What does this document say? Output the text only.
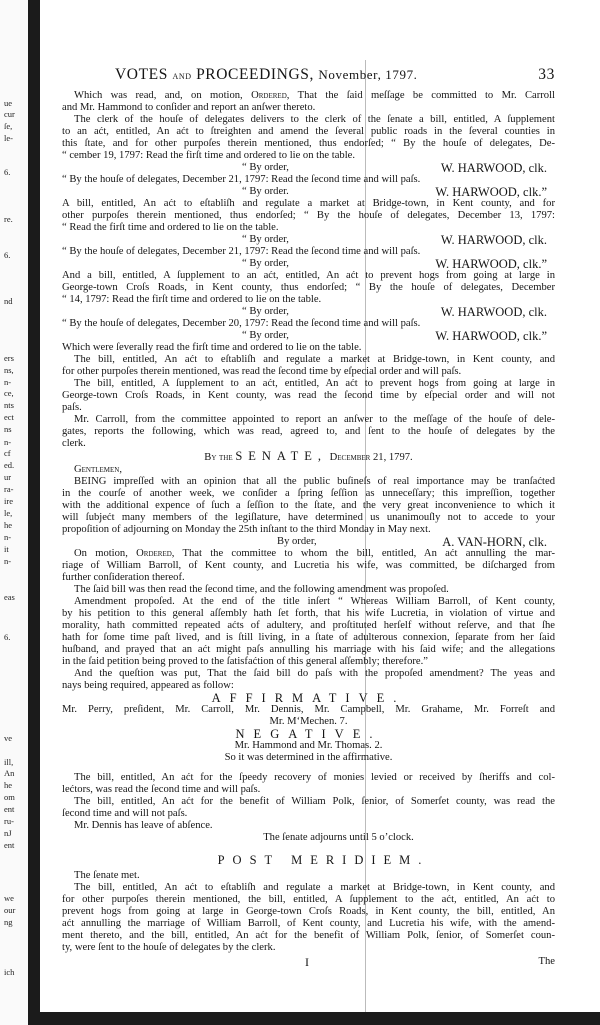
VOTES and PROCEEDINGS, November, 1797.	33
Which was read, and, on motion, Ordered, That the ſaid meſſage be committed to Mr. Carroll
and Mr. Hammond to conſider and report an anſwer thereto.
The clerk of the houſe of delegates delivers to the clerk of the ſenate a bill, entitled, A ſupplement
to an aćt, entitled, An aćt to ſtreighten and amend the ſeveral public roads in the ſeveral counties in
this ſtate, and for other purpoſes therein mentioned, thus endorſed; “ By the houſe of delegates, De-
“ cember 19, 1797: Read the firſt time and ordered to lie on the table.
“ By order,	W. HARWOOD, clk.
“ By the houſe of delegates, December 21, 1797: Read the ſecond time and will paſs.
“ By order.	W. HARWOOD, clk.”
A bill, entitled, An aćt to eſtabliſh and regulate a market at Bridge-town, in Kent county, and for
other purpoſes therein mentioned, thus endorſed; “ By the houſe of delegates, December 13, 1797:
“ Read the firſt time and ordered to lie on the table.
“ By order,	W. HARWOOD, clk.
“ By the houſe of delegates, December 21, 1797: Read the ſecond time and will paſs.
“ By order,	W. HARWOOD, clk.”
And a bill, entitled, A ſupplement to an aćt, entitled, An aćt to prevent hogs from going at large in
George-town Croſs Roads, in Kent county, thus endorſed; “ By the houſe of delegates, December
“ 14, 1797: Read the firſt time and ordered to lie on the table.
“ By order,	W. HARWOOD, clk.
“ By the houſe of delegates, December 20, 1797: Read the ſecond time and will paſs.
“ By order,	W. HARWOOD, clk.”
Which were ſeverally read the firſt time and ordered to lie on the table.
The bill, entitled, An aćt to eſtabliſh and regulate a market at Bridge-town, in Kent county, and
for other purpoſes therein mentioned, was read the ſecond time by eſpecial order and will paſs.
The bill, entitled, A ſupplement to an aćt, entitled, An aćt to prevent hogs from going at large in
George-town Croſs Roads, in Kent county, was read the ſecond time by eſpecial order and will not
paſs.
Mr. Carroll, from the committee appointed to report an anſwer to the meſſage of the houſe of dele-
gates, reports the following, which was read, agreed to, and ſent to the houſe of delegates by the
clerk.
By the SENATE, December 21, 1797.
Gentlemen,
BEING impreſſed with an opinion that all the public buſineſs of real importance may be tranſaćted
in the courſe of another week, we conſider a ſpring ſeſſion as unneceſſary; this impreſſion, together
with the additional expence of ſuch a ſeſſion to the ſtate, and the very great inconvenience to which it
will ſubjećt many members of the legiſlature, have determined us unanimouſly not to accede to your
propoſition of adjourning on Monday the 25th inſtant to the third Monday in May next.
By order,	A. VAN-HORN, clk.
On motion, Ordered, That the committee to whom the bill, entitled, An aćt annulling the mar-
riage of William Barroll, of Kent county, and Lucretia his wife, was committed, be diſcharged from
further conſideration thereof.
The ſaid bill was then read the ſecond time, and the following amendment was propoſed.
Amendment propoſed. At the end of the title inſert “ Whereas William Barroll, of Kent county,
by his petition to this general aſſembly hath ſet forth, that his wife Lucretia, in violation of virtue and
morality, hath committed repeated aćts of adultery, and proſtituted herſelf without reſerve, and that ſhe
hath for ſome time paſt lived, and is ſtill living, in a ſtate of adulterous connexion, ſeparate from her ſaid
huſband, and prayed that an aćt might paſs annulling his marriage with his ſaid wife; and the allegations
in the ſaid petition being proved to the ſatisfaćtion of this general aſſembly; therefore.”
And the queſtion was put, That the ſaid bill do paſs with the propoſed amendment? The yeas and
nays being required, appeared as follow:
AFFIRMATIVE.
Mr. Perry, preſident, Mr. Carroll, Mr. Dennis, Mr. Campbell, Mr. Grahame, Mr. Forreſt and
Mr. M‘Mechen. 7.
NEGATIVE.
Mr. Hammond and Mr. Thomas. 2.
So it was determined in the affirmative.
The bill, entitled, An aćt for the ſpeedy recovery of monies levied or received by ſheriffs and col-
lećtors, was read the ſecond time and will paſs.
The bill, entitled, An aćt for the benefit of William Polk, ſenior, of Somerſet county, was read the
ſecond time and will not paſs.
Mr. Dennis has leave of abſence.
The ſenate adjourns until 5 o’clock.
POST MERIDIEM.
The ſenate met.
The bill, entitled, An aćt to eſtabliſh and regulate a market at Bridge-town, in Kent county, and
for other purpoſes therein mentioned, the bill, entitled, A ſupplement to the aćt, entitled, An aćt to
prevent hogs from going at large in George-town Croſs Roads, in Kent county, the bill, entitled, An
aćt annulling the marriage of William Barroll, of Kent county, and Lucretia his wife, with the amend-
ment thereto, and the bill, entitled, An aćt for the benefit of William Polk, ſenior, of Somerſet coun-
ty, were ſent to the houſe of delegates by the clerk.
I	The
ue
cur
ſe,
le-
6.
re.
6.
nd
ers
ns,
n-
ce,
nts
ect
ns
n-
cf
ed.
ur
ra-
ire
le,
he
n-
it
n-
eas
6.
ve
ill,
An
he
om
ent
ru-
nJ
ent
we
our
ng
ich
